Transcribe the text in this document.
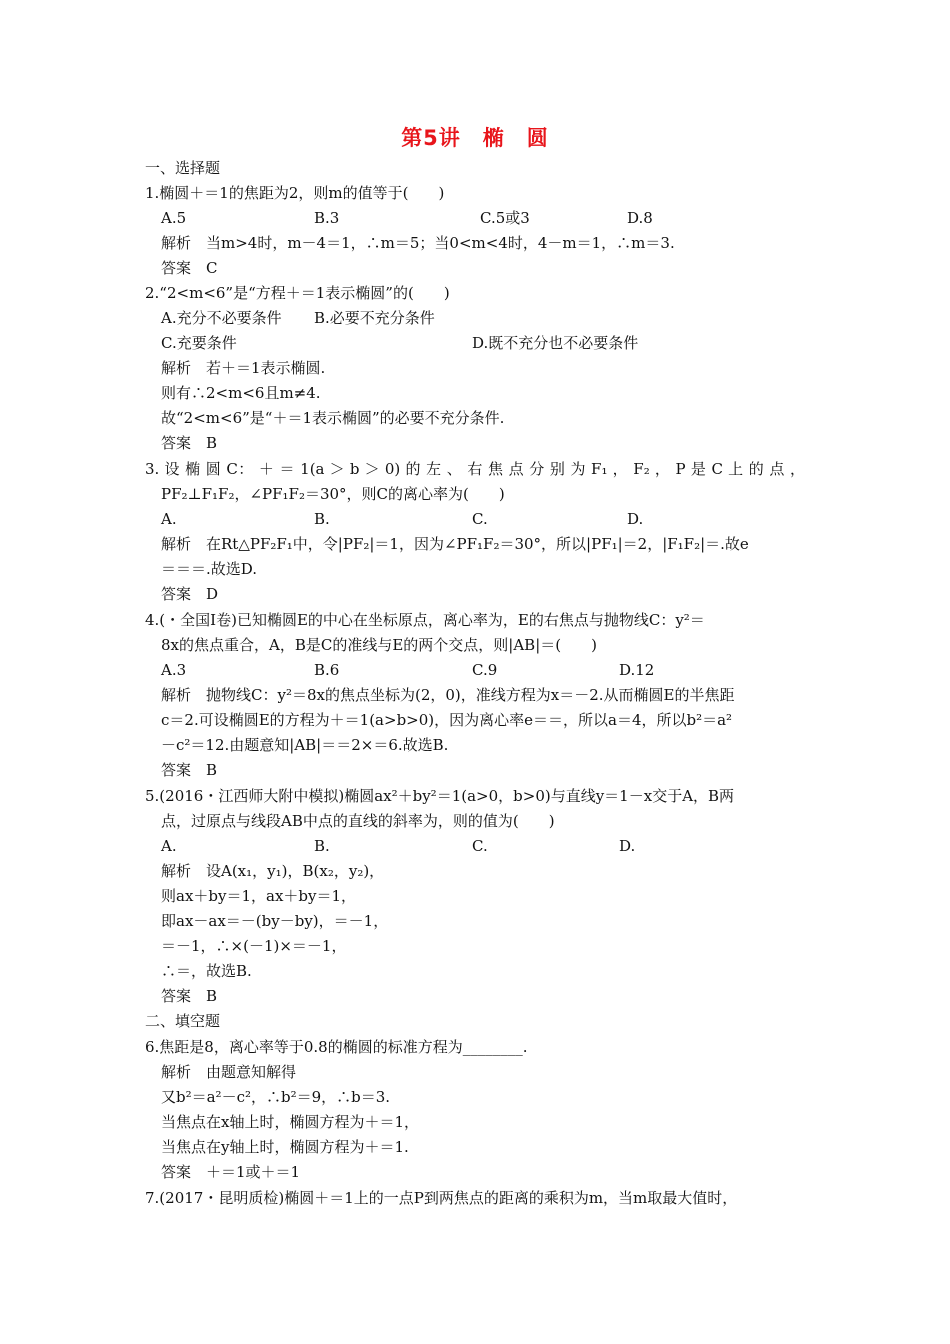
第5讲　椭　圆
一、选择题
1.椭圆＋＝1的焦距为2，则m的值等于(　　)
A.5	B.3	C.5或3	D.8
解析　当m>4时，m－4＝1，∴m＝5；当0<m<4时，4－m＝1，∴m＝3.
答案　C
2.“2<m<6”是“方程＋＝1表示椭圆”的(　　)
A.充分不必要条件 B.必要不充分条件
C.充要条件	D.既不充分也不必要条件
解析　若＋＝1表示椭圆.
则有∴2<m<6且m≠4.
故“2<m<6”是“＋＝1表示椭圆”的必要不充分条件.
答案　B
3. 设 椭 圆 C： ＋ ＝ 1(a ＞ b ＞ 0) 的 左 、 右 焦 点 分 别 为 F₁ ， F₂ ， P 是 C 上 的 点 ，
PF₂⊥F₁F₂，∠PF₁F₂＝30°，则C的离心率为(　　)
A.	B.	C.	D.
解析　在Rt△PF₂F₁中，令|PF₂|＝1，因为∠PF₁F₂＝30°，所以|PF₁|＝2，|F₁F₂|＝.故e
＝＝＝.故选D.
答案　D
4.(・全国Ⅰ卷)已知椭圆E的中心在坐标原点，离心率为，E的右焦点与抛物线C：y²＝
8x的焦点重合，A，B是C的准线与E的两个交点，则|AB|＝(　　)
A.3	B.6	C.9	D.12
解析　抛物线C：y²＝8x的焦点坐标为(2，0)，准线方程为x＝－2.从而椭圆E的半焦距
c＝2.可设椭圆E的方程为＋＝1(a>b>0)，因为离心率e＝＝，所以a＝4，所以b²＝a²
－c²＝12.由题意知|AB|＝＝2×＝6.故选B.
答案　B
5.(2016・江西师大附中模拟)椭圆ax²＋by²＝1(a>0，b>0)与直线y＝1－x交于A，B两
点，过原点与线段AB中点的直线的斜率为，则的值为(　　)
A.	B.	C.	D.
解析　设A(x₁，y₁)，B(x₂，y₂)，
则ax＋by＝1，ax＋by＝1，
即ax－ax＝－(by－by)，＝－1，
＝－1，∴×(－1)×＝－1，
∴＝，故选B.
答案　B
二、填空题
6.焦距是8，离心率等于0.8的椭圆的标准方程为________.
解析　由题意知解得
又b²＝a²－c²，∴b²＝9，∴b＝3.
当焦点在x轴上时，椭圆方程为＋＝1，
当焦点在y轴上时，椭圆方程为＋＝1.
答案　＋＝1或＋＝1
7.(2017・昆明质检)椭圆＋＝1上的一点P到两焦点的距离的乘积为m，当m取最大值时，
